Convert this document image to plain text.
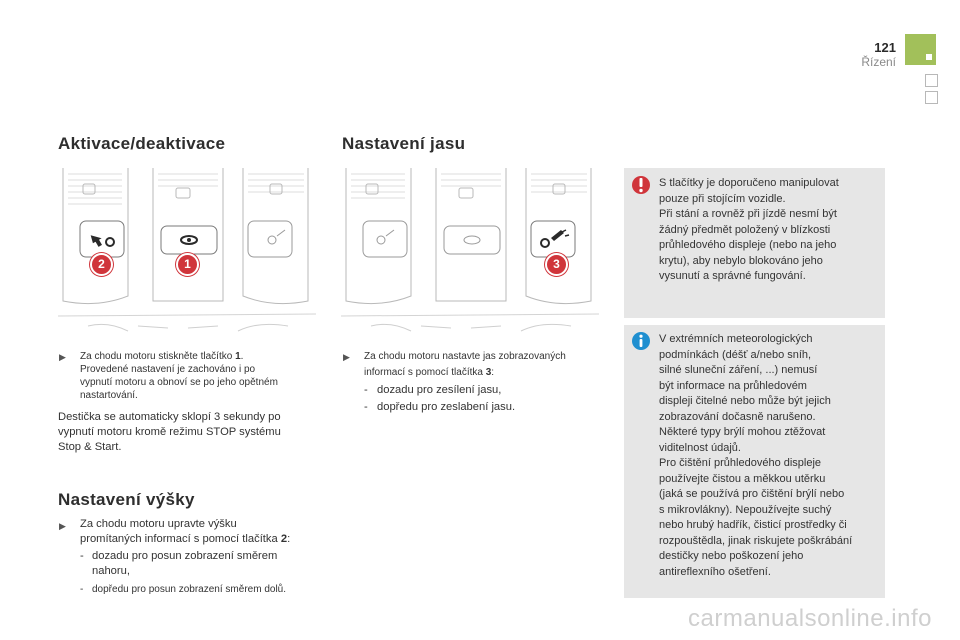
121
Řízení
Aktivace/deaktivace
2	1
▶ Za chodu motoru stiskněte tlačítko 1.
Provedené nastavení je zachováno i po
vypnutí motoru a obnoví se po jeho opětném
nastartování.
Destička se automaticky sklopí 3 sekundy po
vypnutí motoru kromě režimu STOP systému
Stop & Start.
Nastavení výšky
▶ Za chodu motoru upravte výšku
promítaných informací s pomocí tlačítka 2:
- dozadu pro posun zobrazení směrem
nahoru,
- dopředu pro posun zobrazení směrem dolů.
Nastavení jasu
3
▶ Za chodu motoru nastavte jas zobrazovaných
informací s pomocí tlačítka 3:
- dozadu pro zesílení jasu,
- dopředu pro zeslabení jasu.
S tlačítky je doporučeno manipulovat
pouze při stojícím vozidle.
Při stání a rovněž při jízdě nesmí být
žádný předmět položený v blízkosti
průhledového displeje (nebo na jeho
krytu), aby nebylo blokováno jeho
vysunutí a správné fungování.
V extrémních meteorologických
podmínkách (déšť a/nebo sníh,
silné sluneční záření, ...) nemusí
být informace na průhledovém
displeji čitelné nebo může být jejich
zobrazování dočasně narušeno.
Některé typy brýlí mohou ztěžovat
viditelnost údajů.
Pro čištění průhledového displeje
používejte čistou a měkkou utěrku
(jaká se používá pro čištění brýlí nebo
s mikrovlákny). Nepoužívejte suchý
nebo hrubý hadřík, čisticí prostředky či
rozpouštědla, jinak riskujete poškrábání
destičky nebo poškození jeho
antireflexního ošetření.
carmanualsonline.info
